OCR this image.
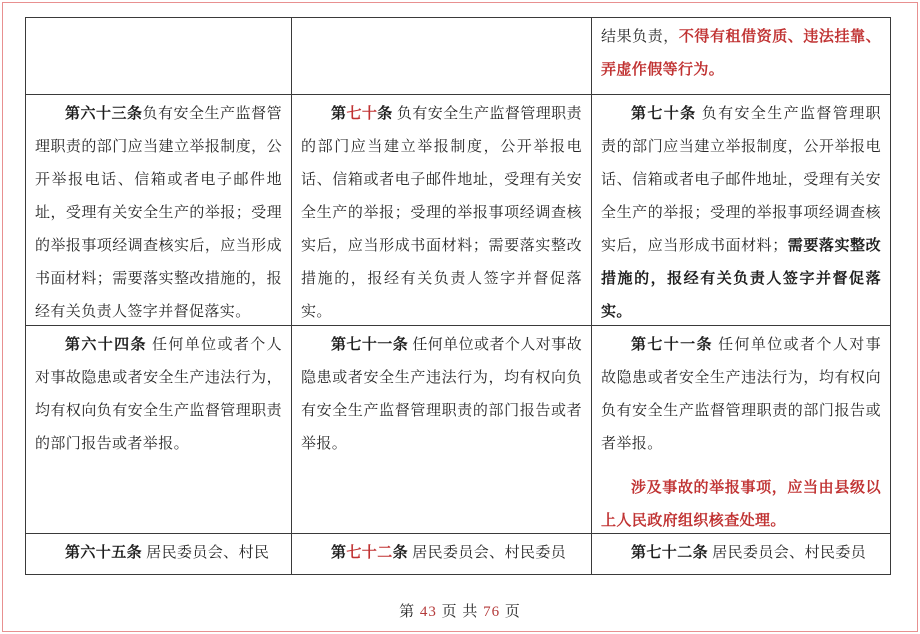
结果负责，不得有租借资质、违法挂靠、弄虚作假等行为。

第六十三条负有安全生产监督管理职责的部门应当建立举报制度，公开举报电话、信箱或者电子邮件地址，受理有关安全生产的举报；受理的举报事项经调查核实后，应当形成书面材料；需要落实整改措施的，报经有关负责人签字并督促落实。

第七十条 负有安全生产监督管理职责的部门应当建立举报制度，公开举报电话、信箱或者电子邮件地址，受理有关安全生产的举报；受理的举报事项经调查核实后，应当形成书面材料；需要落实整改措施的，报经有关负责人签字并督促落实。

第七十条 负有安全生产监督管理职责的部门应当建立举报制度，公开举报电话、信箱或者电子邮件地址，受理有关安全生产的举报；受理的举报事项经调查核实后，应当形成书面材料；需要落实整改措施的，报经有关负责人签字并督促落实。

第六十四条 任何单位或者个人对事故隐患或者安全生产违法行为，均有权向负有安全生产监督管理职责的部门报告或者举报。

第七十一条 任何单位或者个人对事故隐患或者安全生产违法行为，均有权向负有安全生产监督管理职责的部门报告或者举报。

第七十一条 任何单位或者个人对事故隐患或者安全生产违法行为，均有权向负有安全生产监督管理职责的部门报告或者举报。

涉及事故的举报事项，应当由县级以上人民政府组织核查处理。

第六十五条 居民委员会、村民	第七十二条 居民委员会、村民委员	第七十二条 居民委员会、村民委员

第 43 页 共 76 页
